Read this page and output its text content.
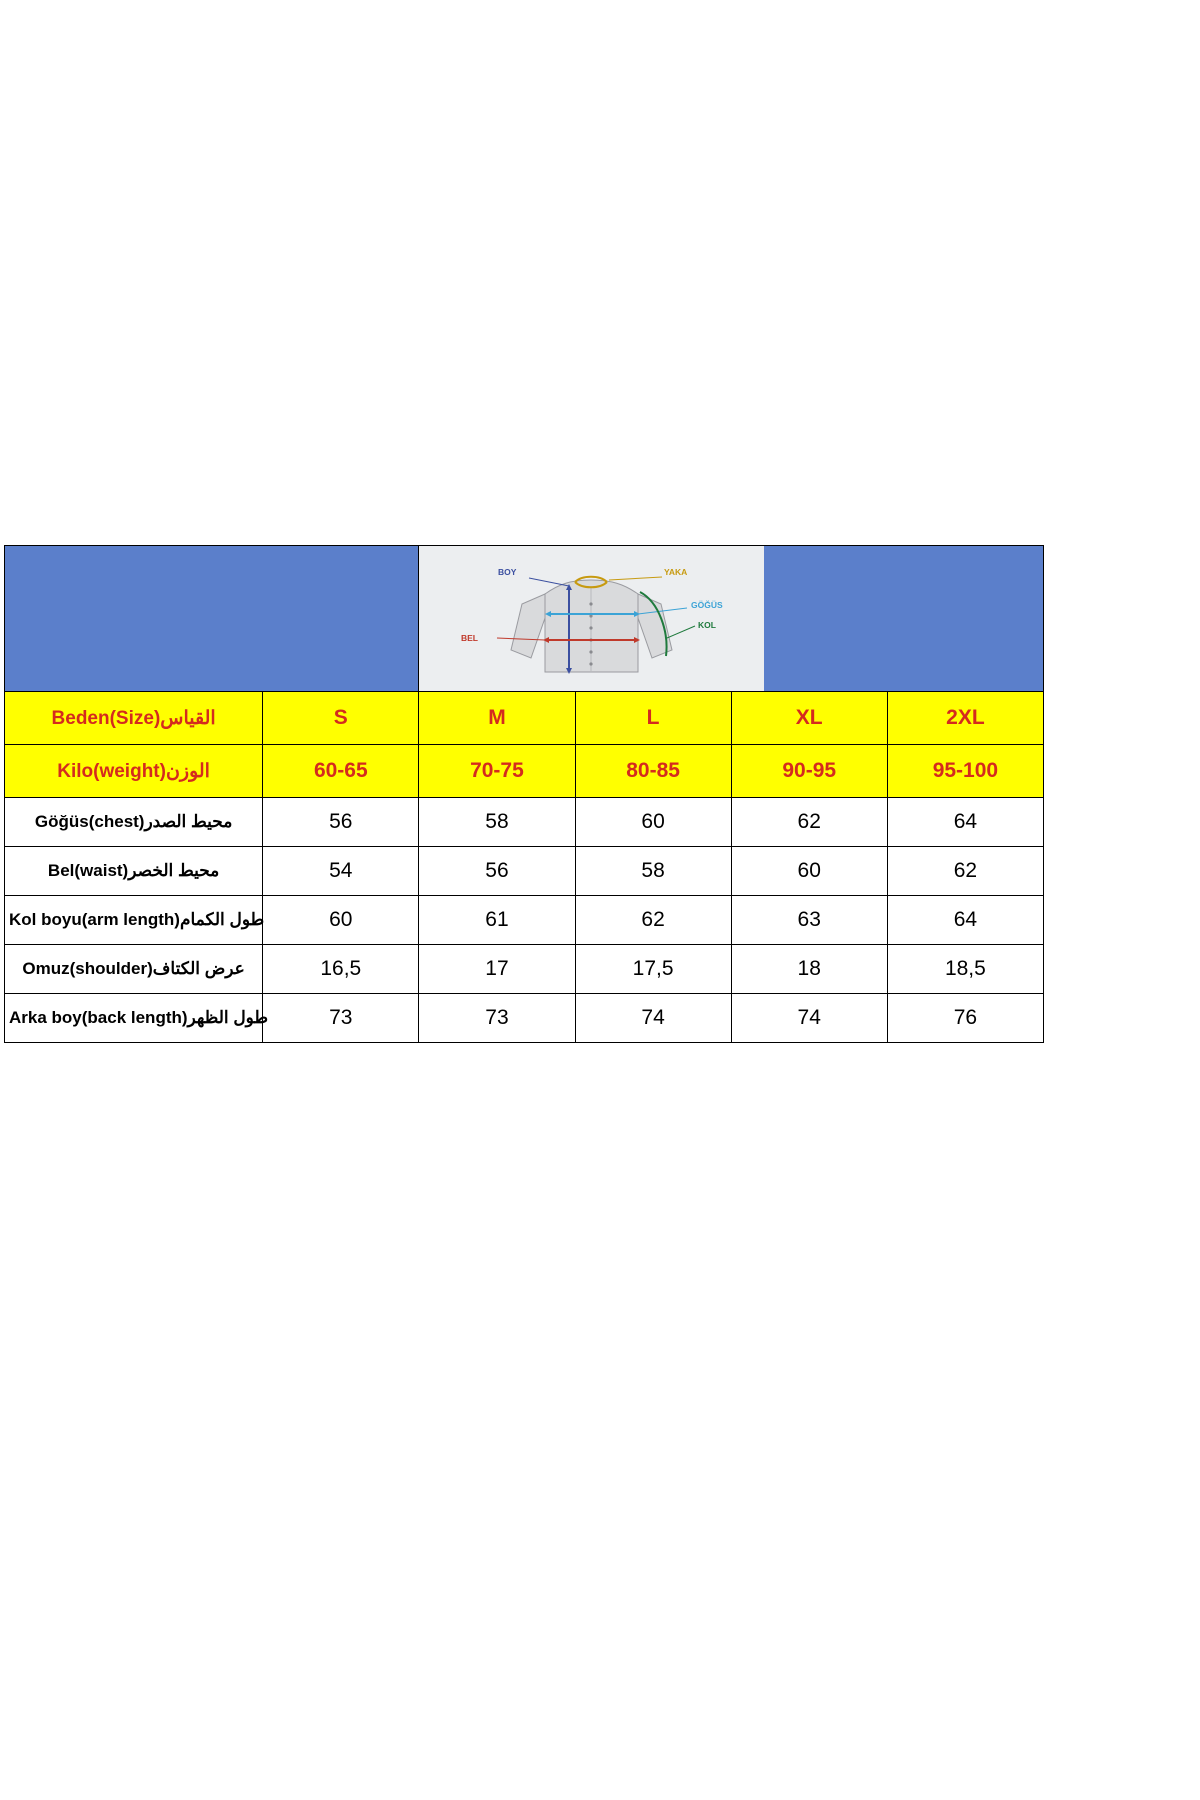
BOY YAKA
GÖĞÜS
BEL
KOL			

Beden(Size)القياس	S	M	L	XL	2XL
Kilo(weight)الوزن	60-65	70-75	80-85	90-95	95-100
Göğüs(chest)محيط الصدر	56	58	60	62	64
Bel(waist)محيط الخصر	54	56	58	60	62
Kol boyu(arm length)طول الكمام	60	61	62	63	64
Omuz(shoulder)عرض الكتاف	16,5	17	17,5	18	18,5
Arka boy(back length)طول الظهر	73	73	74	74	76
